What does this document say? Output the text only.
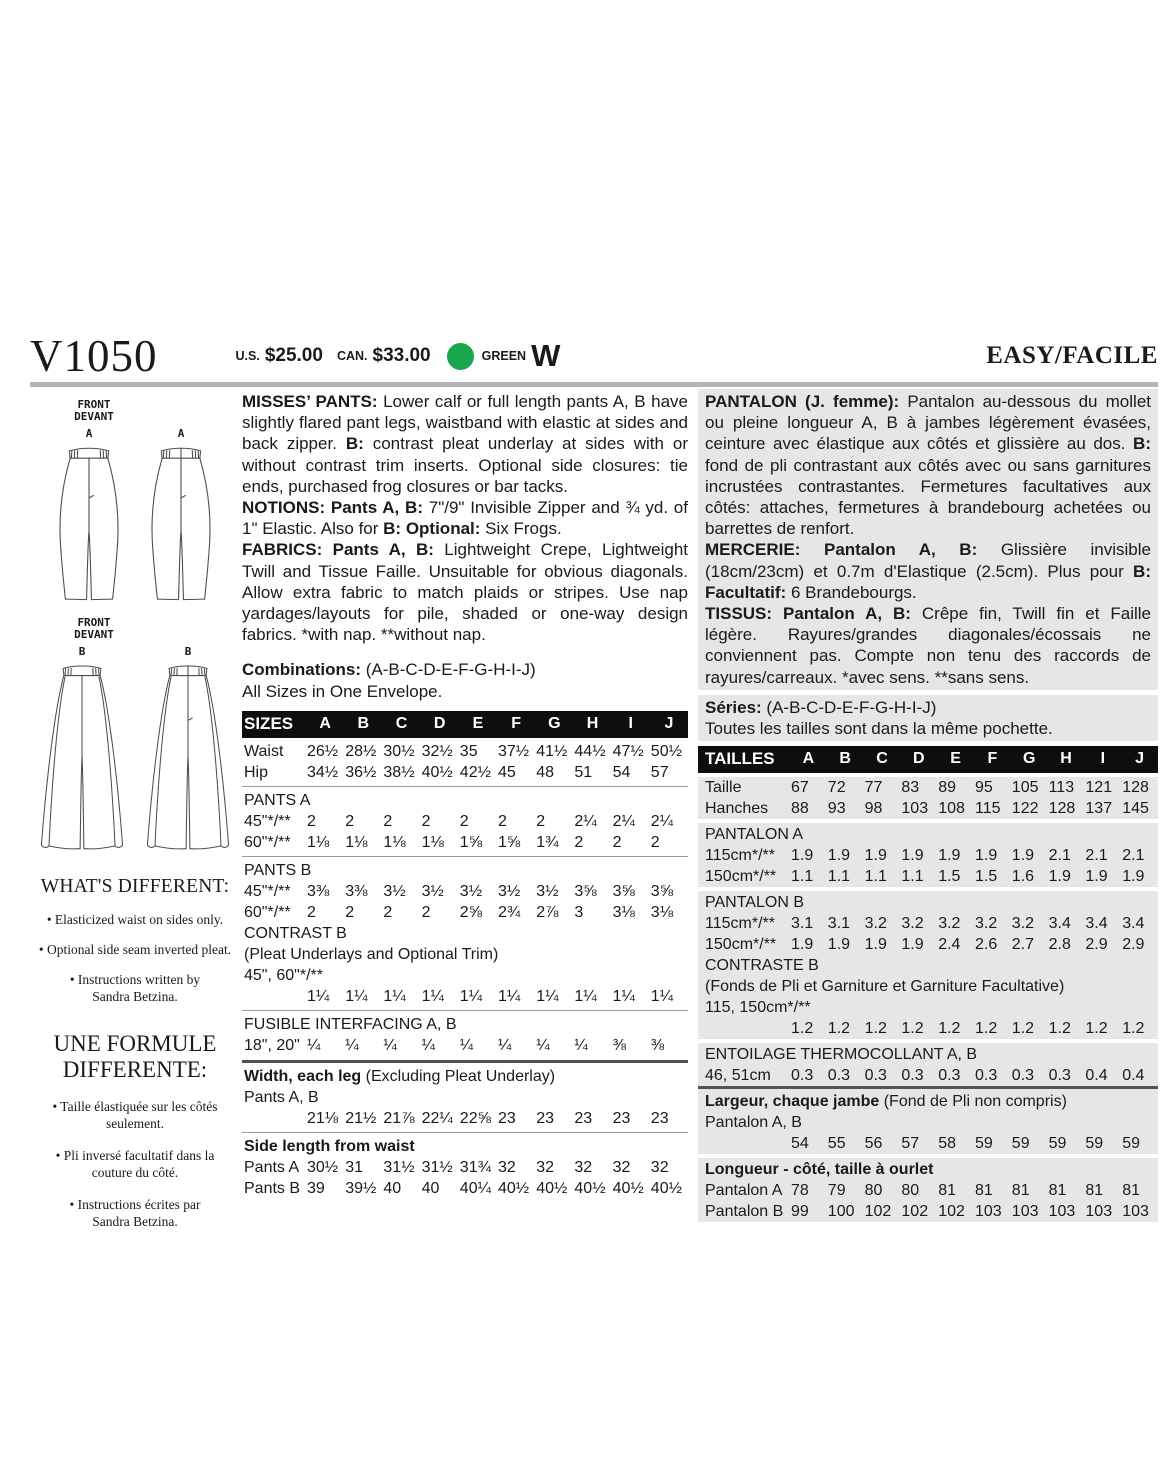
V1050	U.S. $25.00 CAN. $33.00	GREEN W	EASY/FACILE
FRONT
DEVANT
A	A
FRONT
DEVANT
B	B
WHAT'S DIFFERENT:
• Elasticized waist on sides only.
• Optional side seam inverted pleat.
• Instructions written by Sandra Betzina.
UNE FORMULE
DIFFERENTE:
• Taille élastiquée sur les côtés seulement.
• Pli inversé facultatif dans la couture du côté.
• Instructions écrites par Sandra Betzina.

MISSES’ PANTS: Lower calf or full length pants A, B have slightly flared pant legs, waistband with elastic at sides and back zipper. B: contrast pleat underlay at sides with or without contrast trim inserts. Optional side closures: tie ends, purchased frog closures or bar tacks.

NOTIONS: Pants A, B: 7"/9" Invisible Zipper and ¾ yd. of 1" Elastic. Also for B: Optional: Six Frogs.

FABRICS: Pants A, B: Lightweight Crepe, Lightweight Twill and Tissue Faille. Unsuitable for obvious diagonals. Allow extra fabric to match plaids or stripes. Use nap yardages/layouts for pile, shaded or one-way design fabrics. *with nap. **without nap.

Combinations: (A-B-C-D-E-F-G-H-I-J)
All Sizes in One Envelope.
SIZES	A	B	C	D	E	F	G	H	I	J
Waist	26½ 28½ 30½ 32½ 35	37½ 41½ 44½ 47½ 50½
Hip	34½ 36½ 38½ 40½ 42½ 45	48	51	54	57
PANTS A
45"*/**	2	2	2	2	2	2	2	2¼ 2¼ 2¼
60"*/**	1⅛ 1⅛ 1⅛ 1⅛ 1⅝ 1⅝ 1¾ 2	2	2
PANTS B
45"*/**	3⅜ 3⅜ 3½ 3½ 3½ 3½ 3½ 3⅝ 3⅝ 3⅝
60"*/**	2	2	2	2	2⅝ 2¾ 2⅞ 3	3⅛ 3⅛
CONTRAST B
(Pleat Underlays and Optional Trim)
45", 60"*/**
1¼ 1¼ 1¼ 1¼ 1¼ 1¼ 1¼ 1¼ 1¼ 1¼
FUSIBLE INTERFACING A, B
18", 20" ¼	¼	¼	¼	¼	¼	¼	¼	⅜	⅜
Width, each leg (Excluding Pleat Underlay)
Pants A, B
21⅛ 21½ 21⅞ 22¼ 22⅝ 23	23	23	23	23
Side length from waist
Pants A 30½ 31	31½ 31½ 31¾ 32	32	32	32	32
Pants B 39	39½ 40	40	40¼ 40½ 40½ 40½ 40½ 40½

PANTALON (J. femme): Pantalon au-dessous du mollet ou pleine longueur A, B à jambes légèrement évasées, ceinture avec élastique aux côtés et glissière au dos. B: fond de pli contrastant aux côtés avec ou sans garnitures incrustées contrastantes. Fermetures facultatives aux côtés: attaches, fermetures à brandebourg achetées ou barrettes de renfort.

MERCERIE: Pantalon A, B: Glissière invisible (18cm/23cm) et 0.7m d'Elastique (2.5cm). Plus pour B: Facultatif: 6 Brandebourgs.

TISSUS: Pantalon A, B: Crêpe fin, Twill fin et Faille légère. Rayures/grandes diagonales/écossais ne conviennent pas. Compte non tenu des raccords de rayures/carreaux. *avec sens. **sans sens.

Séries: (A-B-C-D-E-F-G-H-I-J)
Toutes les tailles sont dans la même pochette.
TAILLES	A	B	C	D	E	F	G	H	I	J
Taille	67	72	77	83	89	95	105 113 121 128
Hanches	88	93	98	103 108 115 122 128 137 145
PANTALON A
115cm*/**	1.9 1.9 1.9 1.9 1.9 1.9 1.9 2.1 2.1 2.1
150cm*/** 1.1 1.1 1.1 1.1 1.5 1.5 1.6 1.9 1.9 1.9
PANTALON B
115cm*/**	3.1 3.1 3.2 3.2 3.2 3.2 3.2 3.4 3.4 3.4
150cm*/** 1.9 1.9 1.9 1.9 2.4 2.6 2.7 2.8 2.9 2.9
CONTRASTE B
(Fonds de Pli et Garniture et Garniture Facultative)
115, 150cm*/**
1.2 1.2 1.2 1.2 1.2 1.2 1.2 1.2 1.2 1.2
ENTOILAGE THERMOCOLLANT A, B
46, 51cm	0.3 0.3 0.3 0.3 0.3 0.3 0.3 0.3 0.4 0.4
Largeur, chaque jambe (Fond de Pli non compris)
Pantalon A, B
54	55	56	57	58	59	59	59	59	59
Longueur - côté, taille à ourlet
Pantalon A 78	79	80	80	81	81	81	81	81	81
Pantalon B 99	100 102 102 102 103 103 103 103 103
